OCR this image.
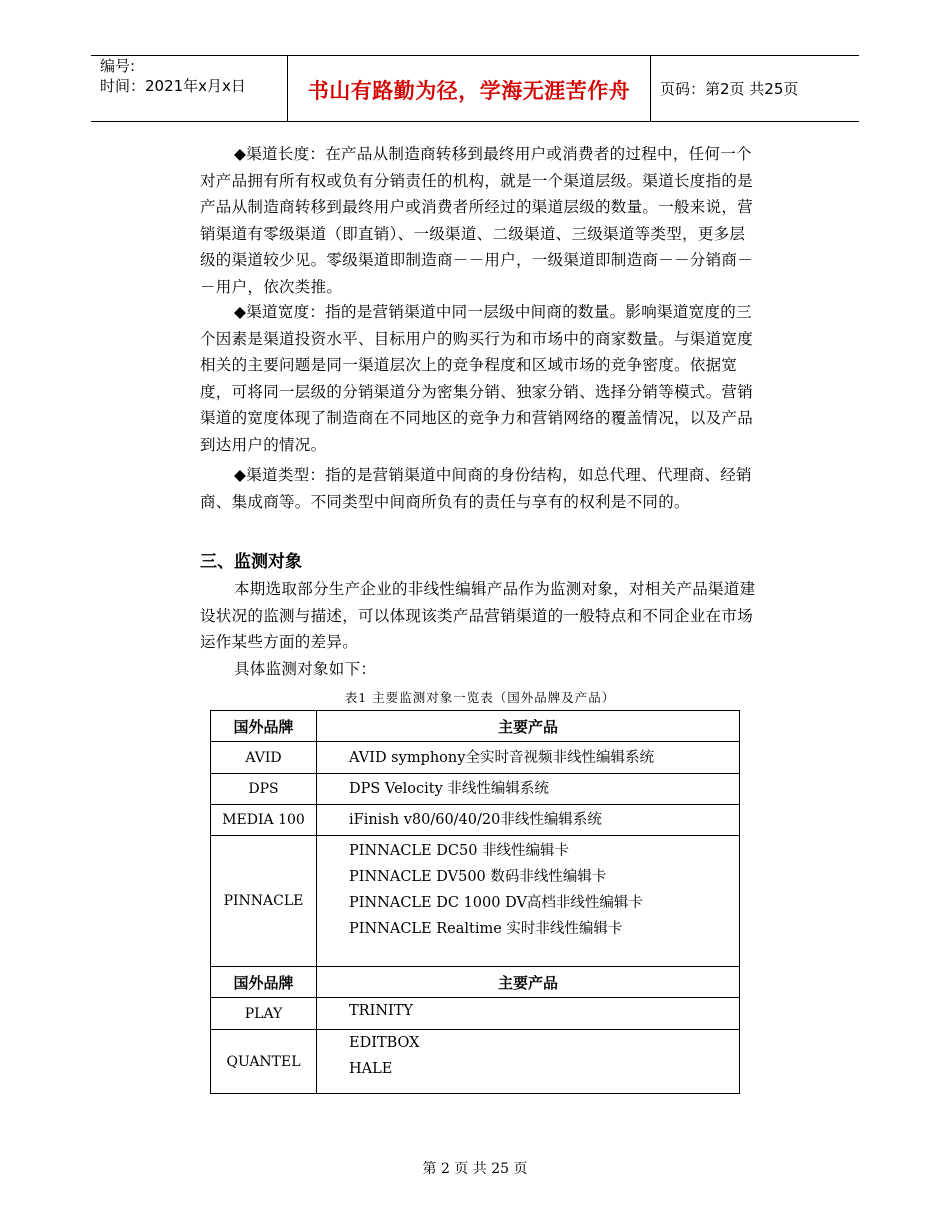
编号:
时间：2021年x月x日	书山有路勤为径，学海无涯苦作舟	页码：第2页 共25页
◆渠道长度：在产品从制造商转移到最终用户或消费者的过程中，任何一个对产品拥有所有权或负有分销责任的机构，就是一个渠道层级。渠道长度指的是产品从制造商转移到最终用户或消费者所经过的渠道层级的数量。一般来说，营销渠道有零级渠道（即直销）、一级渠道、二级渠道、三级渠道等类型，更多层级的渠道较少见。零级渠道即制造商－－用户，一级渠道即制造商－－分销商－－用户，依次类推。
◆渠道宽度：指的是营销渠道中同一层级中间商的数量。影响渠道宽度的三个因素是渠道投资水平、目标用户的购买行为和市场中的商家数量。与渠道宽度相关的主要问题是同一渠道层次上的竞争程度和区域市场的竞争密度。依据宽度，可将同一层级的分销渠道分为密集分销、独家分销、选择分销等模式。营销渠道的宽度体现了制造商在不同地区的竞争力和营销网络的覆盖情况，以及产品到达用户的情况。
◆渠道类型：指的是营销渠道中间商的身份结构，如总代理、代理商、经销商、集成商等。不同类型中间商所负有的责任与享有的权利是不同的。
三、监测对象
本期选取部分生产企业的非线性编辑产品作为监测对象，对相关产品渠道建设状况的监测与描述，可以体现该类产品营销渠道的一般特点和不同企业在市场运作某些方面的差异。
具体监测对象如下：
表1 主要监测对象一览表（国外品牌及产品）
国外品牌	主要产品
AVID	AVID symphony全实时音视频非线性编辑系统

DPS	DPS Velocity 非线性编辑系统

MEDIA 100	iFinish v80/60/40/20非线性编辑系统

PINNACLE	PINNACLE DC50 非线性编辑卡
PINNACLE DV500 数码非线性编辑卡
PINNACLE DC 1000 DV高档非线性编辑卡
PINNACLE Realtime 实时非线性编辑卡

国外品牌	主要产品
PLAY	TRINITY

QUANTEL	EDITBOX
HALE
第 2 页 共 25 页
